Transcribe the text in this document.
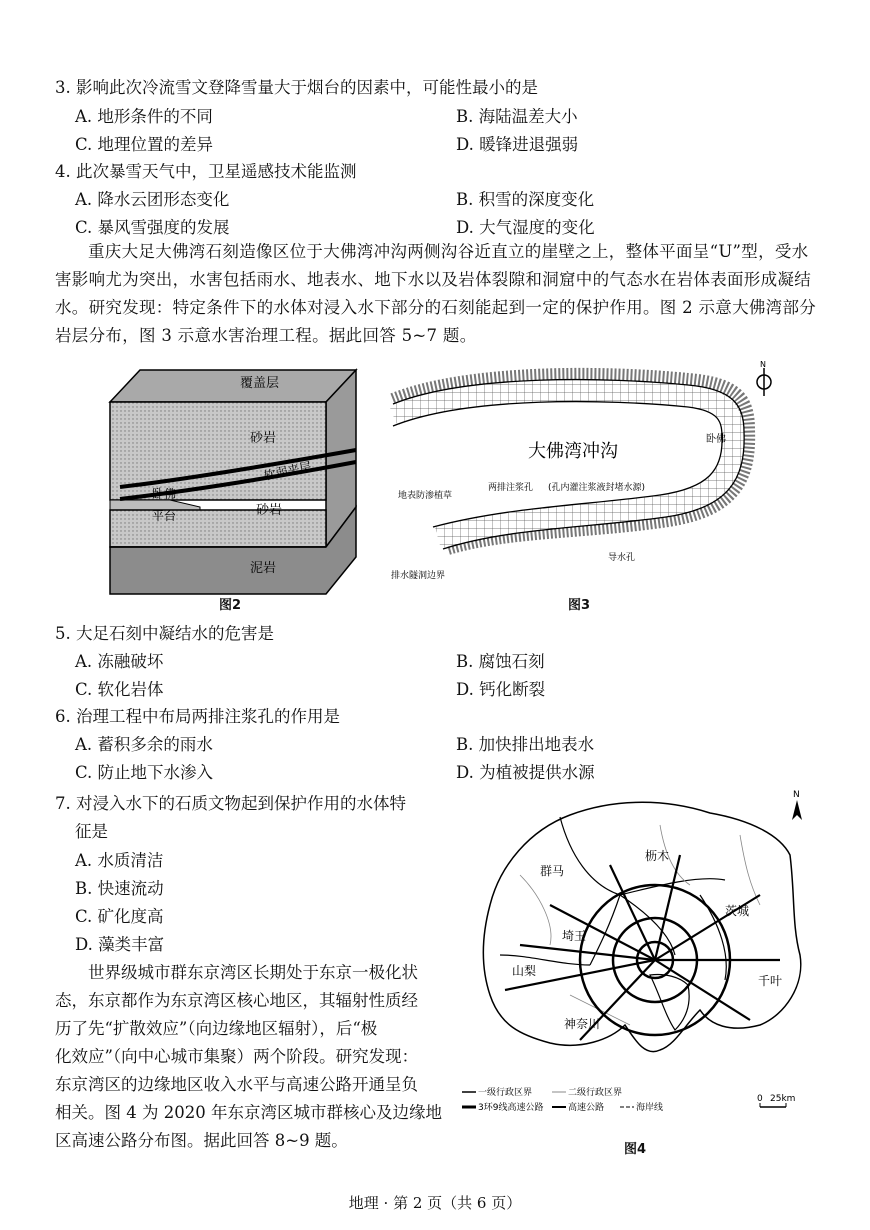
3. 影响此次冷流雪文登降雪量大于烟台的因素中，可能性最小的是
A. 地形条件的不同	B. 海陆温差大小
C. 地理位置的差异	D. 暖锋进退强弱
4. 此次暴雪天气中，卫星遥感技术能监测
A. 降水云团形态变化	B. 积雪的深度变化
C. 暴风雪强度的发展	D. 大气湿度的变化
重庆大足大佛湾石刻造像区位于大佛湾冲沟两侧沟谷近直立的崖壁之上，整体平面呈“U”型，受水害影响尤为突出，水害包括雨水、地表水、地下水以及岩体裂隙和洞窟中的气态水在岩体表面形成凝结水。研究发现：特定条件下的水体对浸入水下部分的石刻能起到一定的保护作用。图 2 示意大佛湾部分岩层分布，图 3 示意水害治理工程。据此回答 5~7 题。
覆盖层
砂岩
软弱夹层
卧佛
平台	砂岩
泥岩
图2
大佛湾冲沟
卧佛
地表防渗植草
两排注浆孔 (孔内灌注浆液封堵水源)
导水孔
排水隧洞边界
N
图3
5. 大足石刻中凝结水的危害是
A. 冻融破坏	B. 腐蚀石刻
C. 软化岩体	D. 钙化断裂
6. 治理工程中布局两排注浆孔的作用是
A. 蓄积多余的雨水	B. 加快排出地表水
C. 防止地下水渗入	D. 为植被提供水源
7. 对浸入水下的石质文物起到保护作用的水体特
征是
A. 水质清洁
B. 快速流动
C. 矿化度高
D. 藻类丰富
世界级城市群东京湾区长期处于东京一极化状
态，东京都作为东京湾区核心地区，其辐射性质经
历了先“扩散效应”（向边缘地区辐射），后“极
化效应”（向中心城市集聚）两个阶段。研究发现：
东京湾区的边缘地区收入水平与高速公路开通呈负
相关。图 4 为 2020 年东京湾区城市群核心及边缘地
区高速公路分布图。据此回答 8~9 题。
N
枥木
群马
茨城
埼玉
山梨
千叶
神奈川
一级行政区界	二级行政区界
3环9线高速公路	高速公路	海岸线
0 25km
图4
地理 · 第 2 页（共 6 页）
